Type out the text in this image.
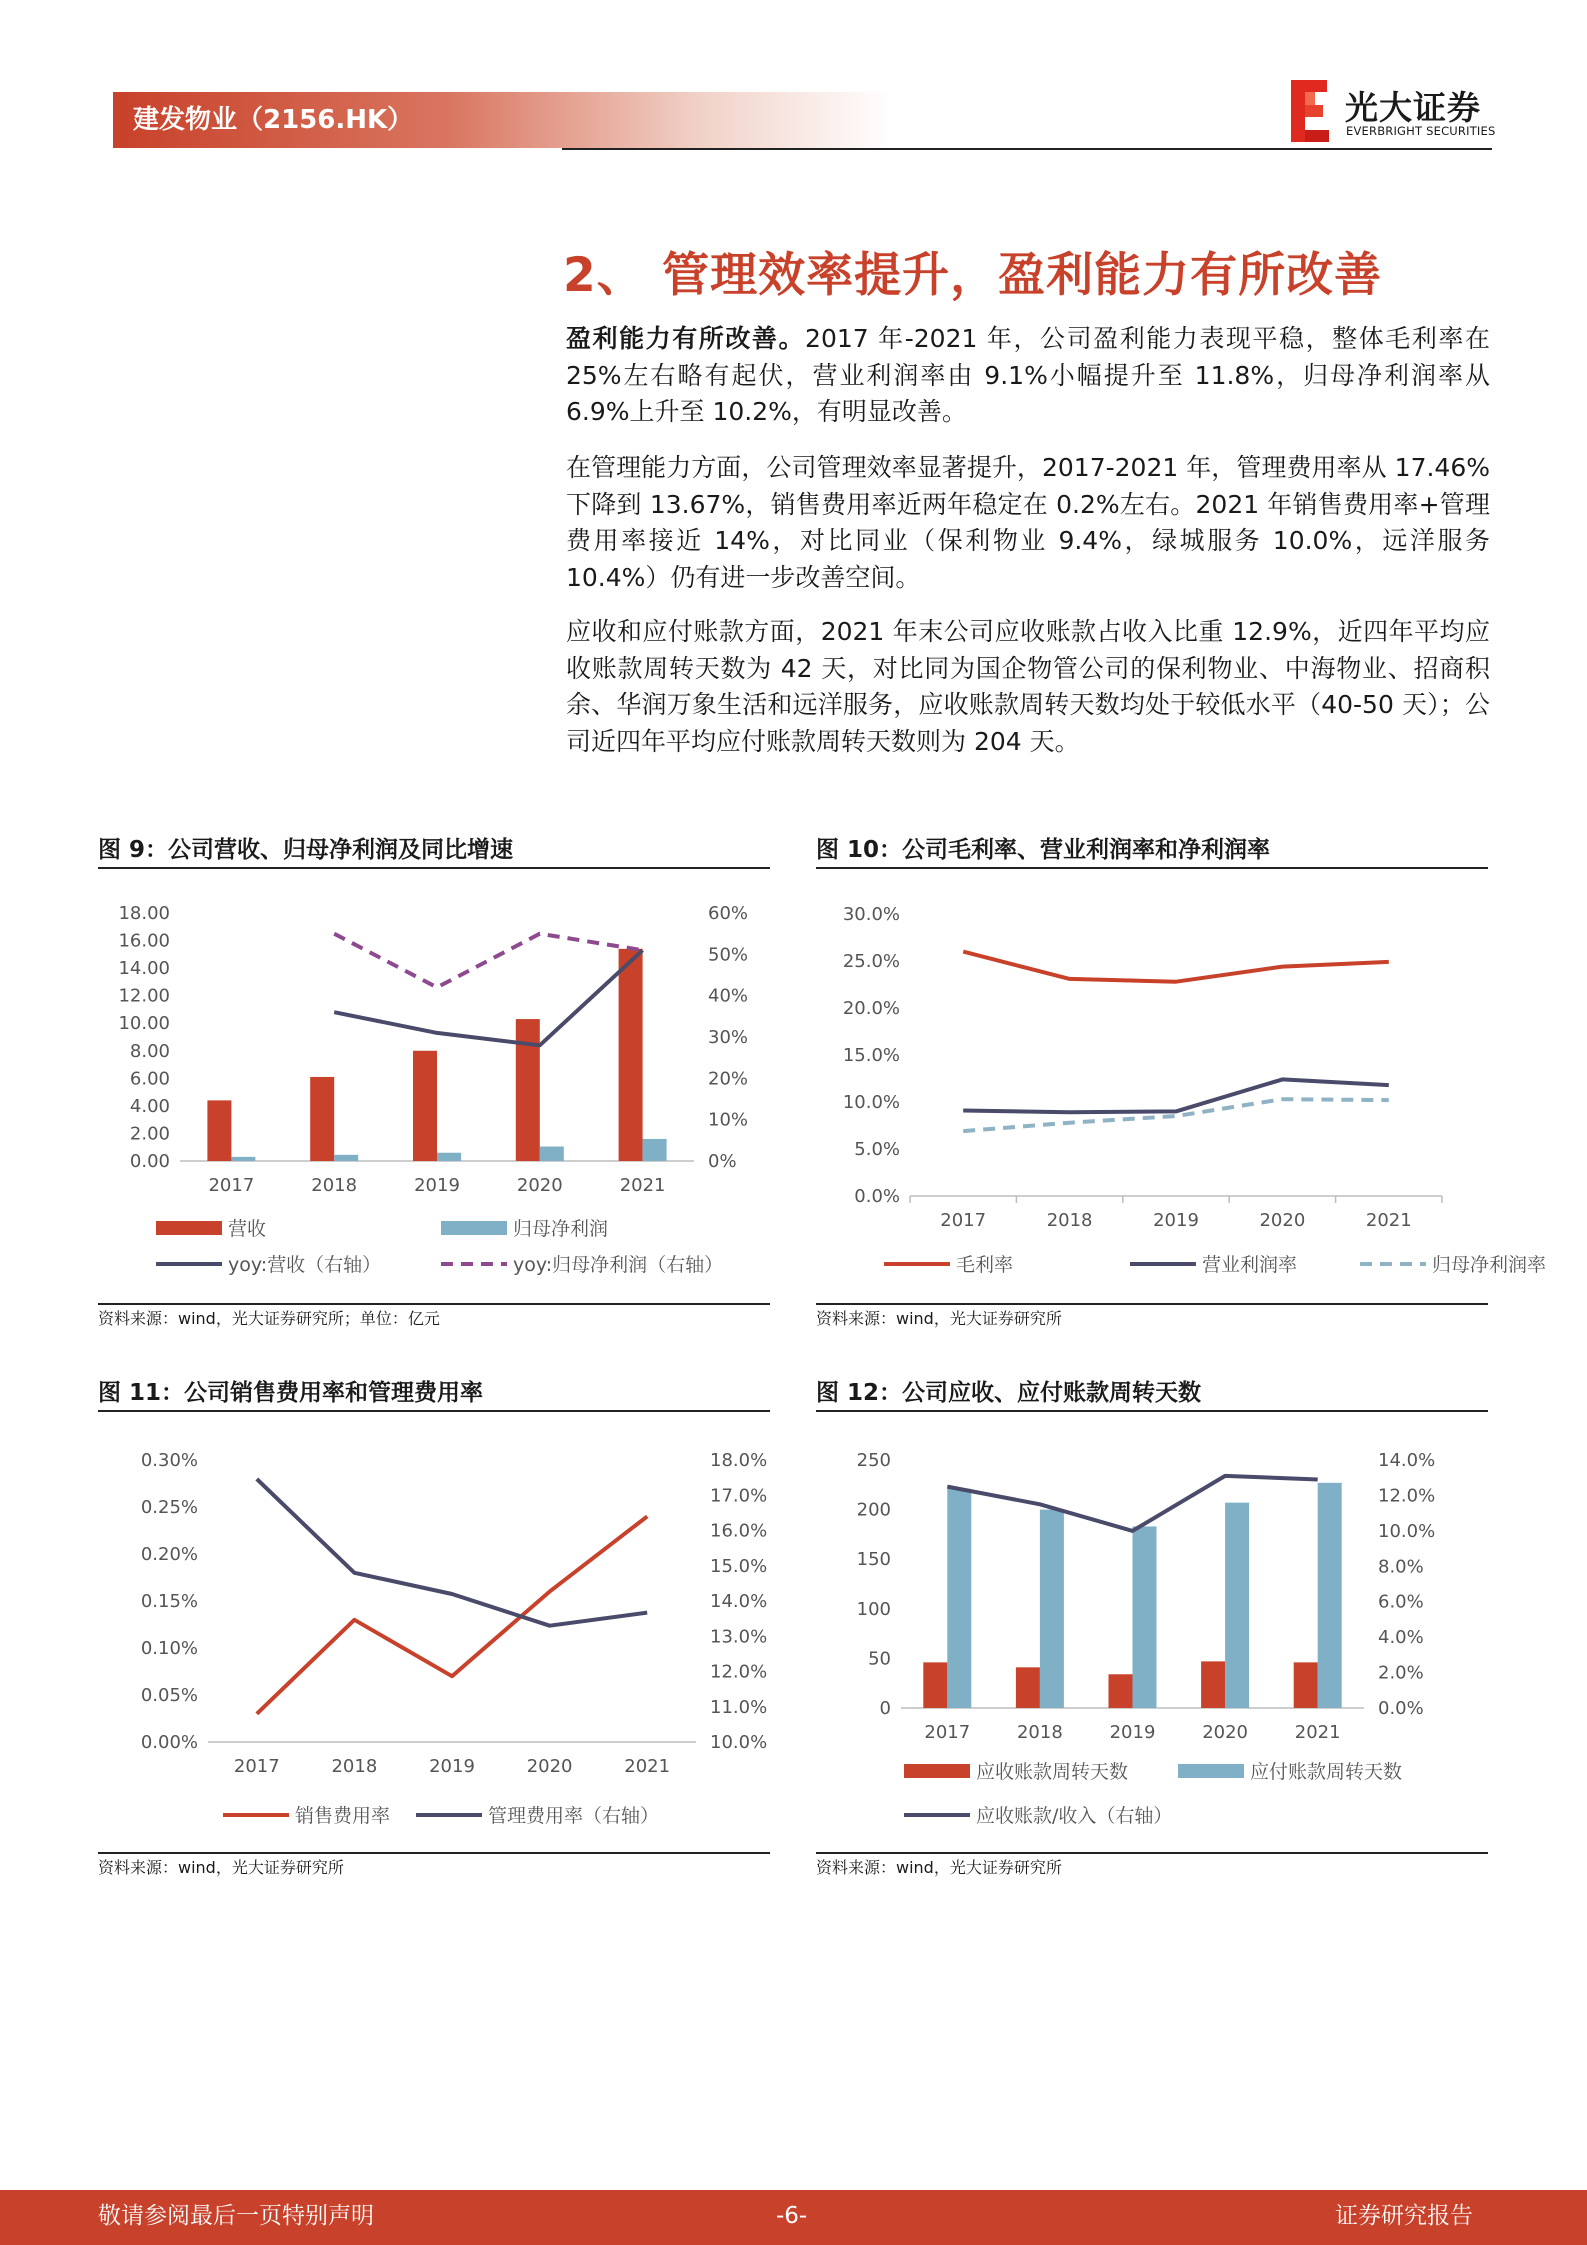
建发物业（2156.HK）	光大证券
EVERBRIGHT SECURITIES
2、 管理效率提升，盈利能力有所改善
盈利能力有所改善。2017 年-2021 年，公司盈利能力表现平稳，整体毛利率在 25%左右略有起伏，营业利润率由 9.1%小幅提升至 11.8%，归母净利润率从 6.9%上升至 10.2%，有明显改善。
在管理能力方面，公司管理效率显著提升，2017-2021 年，管理费用率从 17.46%下降到 13.67%，销售费用率近两年稳定在 0.2%左右。2021 年销售费用率+管理费用率接近 14%，对比同业（保利物业 9.4%，绿城服务 10.0%，远洋服务 10.4%）仍有进一步改善空间。
应收和应付账款方面，2021 年末公司应收账款占收入比重 12.9%，近四年平均应收账款周转天数为 42 天，对比同为国企物管公司的保利物业、中海物业、招商积余、华润万象生活和远洋服务，应收账款周转天数均处于较低水平（40-50 天）；公司近四年平均应付账款周转天数则为 204 天。
图 9：公司营收、归母净利润及同比增速
0.00
2.00
4.00
6.00
8.00
10.00
12.00
14.00
16.00
18.00
0%
10%
20%
30%
40%
50%
60%
2017	2018	2019	2020	2021
营收	归母净利润
yoy:营收（右轴）	yoy:归母净利润（右轴）
资料来源：wind，光大证券研究所；单位：亿元
图 10：公司毛利率、营业利润率和净利润率
0.0%
5.0%
10.0%
15.0%
20.0%
25.0%
30.0%
2017	2018	2019	2020	2021
毛利率	营业利润率	归母净利润率
资料来源：wind，光大证券研究所
图 11：公司销售费用率和管理费用率
0.00%
0.05%
0.10%
0.15%
0.20%
0.25%
0.30%
10.0%
11.0%
12.0%
13.0%
14.0%
15.0%
16.0%
17.0%
18.0%
2017	2018	2019	2020	2021
销售费用率	管理费用率（右轴）
资料来源：wind，光大证券研究所
图 12：公司应收、应付账款周转天数
0
50
100
150
200
250
0.0%
2.0%
4.0%
6.0%
8.0%
10.0%
12.0%
14.0%
2017	2018	2019	2020	2021
应收账款周转天数	应付账款周转天数
应收账款/收入（右轴）
资料来源：wind，光大证券研究所
敬请参阅最后一页特别声明	-6-	证券研究报告
